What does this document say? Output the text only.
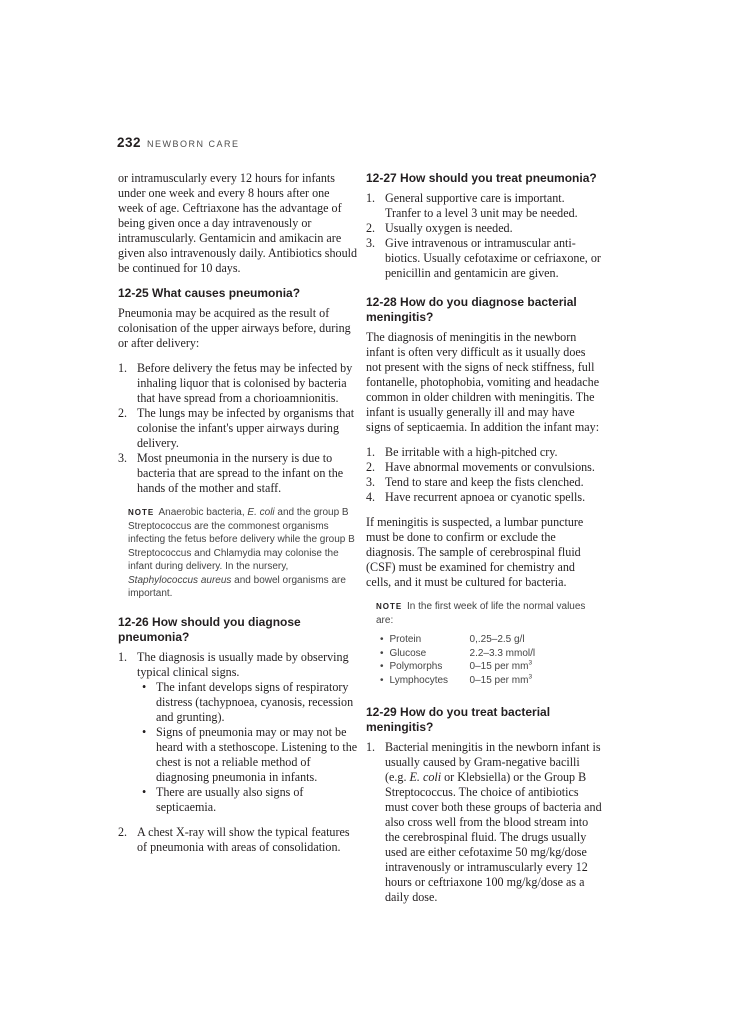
232 NEWBORN CARE

or intramuscularly every 12 hours for infants under one week and every 8 hours after one week of age. Ceftriaxone has the advantage of being given once a day intravenously or intramuscularly. Gentamicin and amikacin are given also intravenously daily. Antibiotics should be continued for 10 days.

12-25 What causes pneumonia?

Pneumonia may be acquired as the result of colonisation of the upper airways before, during or after delivery:

1. Before delivery the fetus may be infected by inhaling liquor that is colonised by bacteria that have spread from a chorioamnionitis.
2. The lungs may be infected by organisms that colonise the infant's upper airways during delivery.
3. Most pneumonia in the nursery is due to bacteria that are spread to the infant on the hands of the mother and staff.
NOTE Anaerobic bacteria, E. coli and the group B Streptococcus are the commonest organisms infecting the fetus before delivery while the group B Streptococcus and Chlamydia may colonise the infant during delivery. In the nursery, Staphylococcus aureus and bowel organisms are important.
12-26 How should you diagnose pneumonia?
1. The diagnosis is usually made by observing typical clinical signs.
• The infant develops signs of respiratory distress (tachypnoea, cyanosis, recession and grunting).
• Signs of pneumonia may or may not be heard with a stethoscope. Listening to the chest is not a reliable method of diagnosing pneumonia in infants.
• There are usually also signs of septicaemia.
2. A chest X-ray will show the typical features of pneumonia with areas of consolidation.
12-27 How should you treat pneumonia?
1. General supportive care is important. Tranfer to a level 3 unit may be needed.
2. Usually oxygen is needed.
3. Give intravenous or intramuscular anti-biotics. Usually cefotaxime or cefriaxone, or penicillin and gentamicin are given.
12-28 How do you diagnose bacterial meningitis?

The diagnosis of meningitis in the newborn infant is often very difficult as it usually does not present with the signs of neck stiffness, full fontanelle, photophobia, vomiting and headache common in older children with meningitis. The infant is usually generally ill and may have signs of septicaemia. In addition the infant may:

1. Be irritable with a high-pitched cry.
2. Have abnormal movements or convulsions.
3. Tend to stare and keep the fists clenched.
4. Have recurrent apnoea or cyanotic spells.

If meningitis is suspected, a lumbar puncture must be done to confirm or exclude the diagnosis. The sample of cerebrospinal fluid (CSF) must be examined for chemistry and cells, and it must be cultured for bacteria.

NOTE In the first week of life the normal values are:
•	Protein	0,.25–2.5 g/l
•	Glucose	2.2–3.3 mmol/l
•	Polymorphs	0–15 per $mm^3$
•	Lymphocytes	0–15 per $mm^3$
12-29 How do you treat bacterial meningitis?
1. Bacterial meningitis in the newborn infant is usually caused by Gram-negative bacilli (e.g. E. coli or Klebsiella) or the Group B Streptococcus. The choice of antibiotics must cover both these groups of bacteria and also cross well from the blood stream into the cerebrospinal fluid. The drugs usually used are either cefotaxime 50 mg/kg/dose intravenously or intramuscularly every 12 hours or ceftriaxone 100 mg/kg/dose as a daily dose.
